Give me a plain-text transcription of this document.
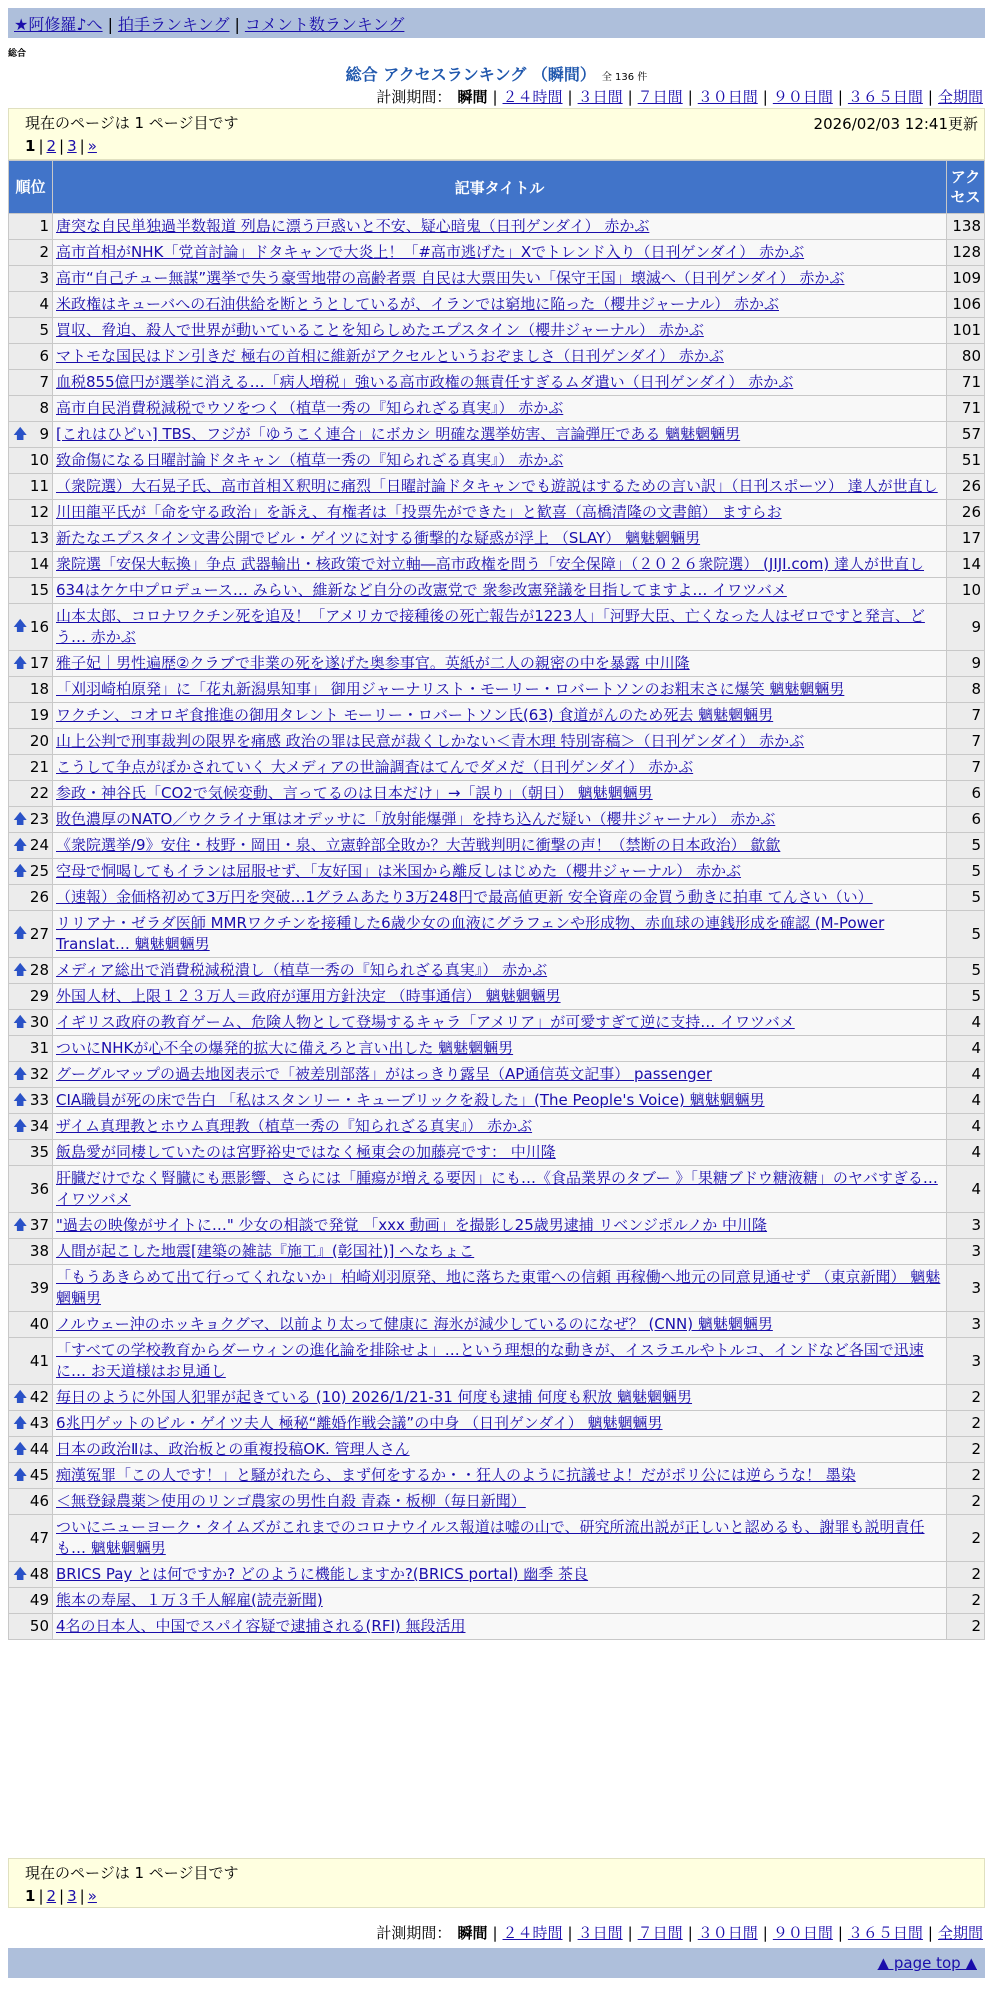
★阿修羅♪へ | 拍手ランキング | コメント数ランキング
総合
総合 アクセスランキング （瞬間） 全 136 件
計測期間： 瞬間 | ２４時間 | ３日間 | ７日間 | ３０日間 | ９０日間 | ３６５日間 | 全期間
現在のページは 1 ページ目です	2026/02/03 12:41更新
1 | 2 | 3 | »
順位	記事タイトル	アクセス
1	唐突な自民単独過半数報道 列島に漂う戸惑いと不安、疑心暗鬼（日刊ゲンダイ） 赤かぶ	138
2	高市首相がNHK「党首討論」ドタキャンで大炎上！「#高市逃げた」Xでトレンド入り（日刊ゲンダイ） 赤かぶ	128
3	高市“自己チュー無謀”選挙で失う豪雪地帯の高齢者票 自民は大票田失い「保守王国」壊滅へ（日刊ゲンダイ） 赤かぶ	109
4	米政権はキューバへの石油供給を断とうとしているが、イランでは窮地に陥った（櫻井ジャーナル） 赤かぶ	106
5	買収、脅迫、殺人で世界が動いていることを知らしめたエプスタイン（櫻井ジャーナル） 赤かぶ	101
6	マトモな国民はドン引きだ 極右の首相に維新がアクセルというおぞましさ（日刊ゲンダイ） 赤かぶ	80
7	血税855億円が選挙に消える…「病人増税」強いる高市政権の無責任すぎるムダ遣い（日刊ゲンダイ） 赤かぶ	71
8	高市自民消費税減税でウソをつく（植草一秀の『知られざる真実』） 赤かぶ	71

🡅 9	[これはひどい] TBS、フジが「ゆうこく連合」にボカシ 明確な選挙妨害、言論弾圧である 魑魅魍魎男	57
10	致命傷になる日曜討論ドタキャン（植草一秀の『知られざる真実』） 赤かぶ	51
11	（衆院選）大石晃子氏、高市首相Ｘ釈明に痛烈「日曜討論ドタキャンでも遊説はするための言い訳」（日刊スポーツ） 達人が世直し	26
12	川田龍平氏が「命を守る政治」を訴え、有権者は「投票先ができた」と歓喜（高橋清隆の文書館） ますらお	26
13	新たなエプスタイン文書公開でビル・ゲイツに対する衝撃的な疑惑が浮上 （SLAY） 魑魅魍魎男	17
14	衆院選「安保大転換」争点 武器輸出・核政策で対立軸―高市政権を問う「安全保障」（２０２６衆院選） (JIJI.com) 達人が世直し	14
15	634はケケ中プロデュース… みらい、維新など自分の改憲党で 衆参改憲発議を目指してますよ… イワツバメ	10

🡅 16	山本太郎、コロナワクチン死を追及！「アメリカで接種後の死亡報告が1223人」「河野大臣、亡くなった人はゼロですと発言、どう… 赤かぶ	9

🡅 17	雅子妃｜男性遍歴②クラブで非業の死を遂げた奥参事官。英紙が二人の親密の中を暴露 中川隆	9
18	「刈羽崎柏原発」に「花丸新潟県知事」 御用ジャーナリスト・モーリー・ロバートソンのお粗末さに爆笑 魑魅魍魎男	8
19	ワクチン、コオロギ食推進の御用タレント モーリー・ロバートソン氏(63) 食道がんのため死去 魑魅魍魎男	7
20	山上公判で刑事裁判の限界を痛感 政治の罪は民意が裁くしかない＜青木理 特別寄稿＞（日刊ゲンダイ） 赤かぶ	7
21	こうして争点がぼかされていく 大メディアの世論調査はてんでダメだ（日刊ゲンダイ） 赤かぶ	7
22	参政・神谷氏「CO2で気候変動、言ってるのは日本だけ」→「誤り」（朝日） 魑魅魍魎男	6

🡅 23	敗色濃厚のNATO／ウクライナ軍はオデッサに「放射能爆弾」を持ち込んだ疑い（櫻井ジャーナル） 赤かぶ	6

🡅 24	《衆院選挙/9》安住・枝野・岡田・泉、立憲幹部全敗か？大苦戦判明に衝撃の声！（禁断の日本政治） 歙歙	5

🡅 25	空母で恫喝してもイランは屈服せず、「友好国」は米国から離反しはじめた（櫻井ジャーナル） 赤かぶ	5
26	（速報）金価格初めて3万円を突破…1グラムあたり3万248円で最高値更新 安全資産の金買う動きに拍車 てんさい（い）	5

🡅 27	リリアナ・ゼラダ医師 MMRワクチンを接種した6歳少女の血液にグラフェンや形成物、赤血球の連銭形成を確認 (M-Power Translat… 魑魅魍魎男	5

🡅 28	メディア総出で消費税減税潰し（植草一秀の『知られざる真実』） 赤かぶ	5
29	外国人材、上限１２３万人＝政府が運用方針決定 （時事通信） 魑魅魍魎男	5

🡅 30	イギリス政府の教育ゲーム、危険人物として登場するキャラ「アメリア」が可愛すぎて逆に支持… イワツバメ	4
31	ついにNHKが心不全の爆発的拡大に備えろと言い出した 魑魅魍魎男	4

🡅 32	グーグルマップの過去地図表示で「被差別部落」がはっきり露呈（AP通信英文記事） passenger	4

🡅 33	CIA職員が死の床で告白 「私はスタンリー・キューブリックを殺した」(The People's Voice) 魑魅魍魎男	4

🡅 34	ザイム真理教とホウム真理教（植草一秀の『知られざる真実』） 赤かぶ	4
35	飯島愛が同棲していたのは宮野裕史ではなく極東会の加藤亮です： 中川隆	4
36	肝臓だけでなく腎臓にも悪影響、さらには「腫瘍が増える要因」にも…《食品業界のタブー 》「果糖ブドウ糖液糖」のヤバすぎる… イワツバメ	4

🡅 37	"過去の映像がサイトに…" 少女の相談で発覚 「xxx 動画」を撮影し25歳男逮捕 リベンジポルノか 中川隆	3
38	人間が起こした地震[建築の雑誌『施工』(彰国社)] へなちょこ	3
39	「もうあきらめて出て行ってくれないか」柏崎刈羽原発、地に落ちた東電への信頼 再稼働へ地元の同意見通せず （東京新聞） 魑魅魍魎男	3
40	ノルウェー沖のホッキョクグマ、以前より太って健康に 海氷が減少しているのになぜ？ (CNN) 魑魅魍魎男	3
41	「すべての学校教育からダーウィンの進化論を排除せよ」…という理想的な動きが、イスラエルやトルコ、インドなど各国で迅速に… お天道様はお見通し	3

🡅 42	毎日のように外国人犯罪が起きている (10) 2026/1/21-31 何度も逮捕 何度も釈放 魑魅魍魎男	2

🡅 43	6兆円ゲットのビル・ゲイツ夫人 極秘“離婚作戦会議”の中身 （日刊ゲンダイ） 魑魅魍魎男	2

🡅 44	日本の政治Ⅱは、政治板との重複投稿OK. 管理人さん	2

🡅 45	痴漢冤罪「この人です！」と騒がれたら、まず何をするか・・狂人のように抗議せよ！だがポリ公には逆らうな！ 墨染	2
46	＜無登録農薬＞使用のリンゴ農家の男性自殺 青森・板柳（毎日新聞）	2
47	ついにニューヨーク・タイムズがこれまでのコロナウイルス報道は嘘の山で、研究所流出説が正しいと認めるも、謝罪も説明責任も… 魑魅魍魎男	2

🡅 48	BRICS Pay とは何ですか? どのように機能しますか?(BRICS portal) 幽季 茶良	2
49	熊本の寿屋、１万３千人解雇(読売新聞)	2
50	4名の日本人、中国でスパイ容疑で逮捕される(RFI) 無段活用	2
現在のページは 1 ページ目です
1 | 2 | 3 | »
計測期間： 瞬間 | ２４時間 | ３日間 | ７日間 | ３０日間 | ９０日間 | ３６５日間 | 全期間
▲ page top ▲
